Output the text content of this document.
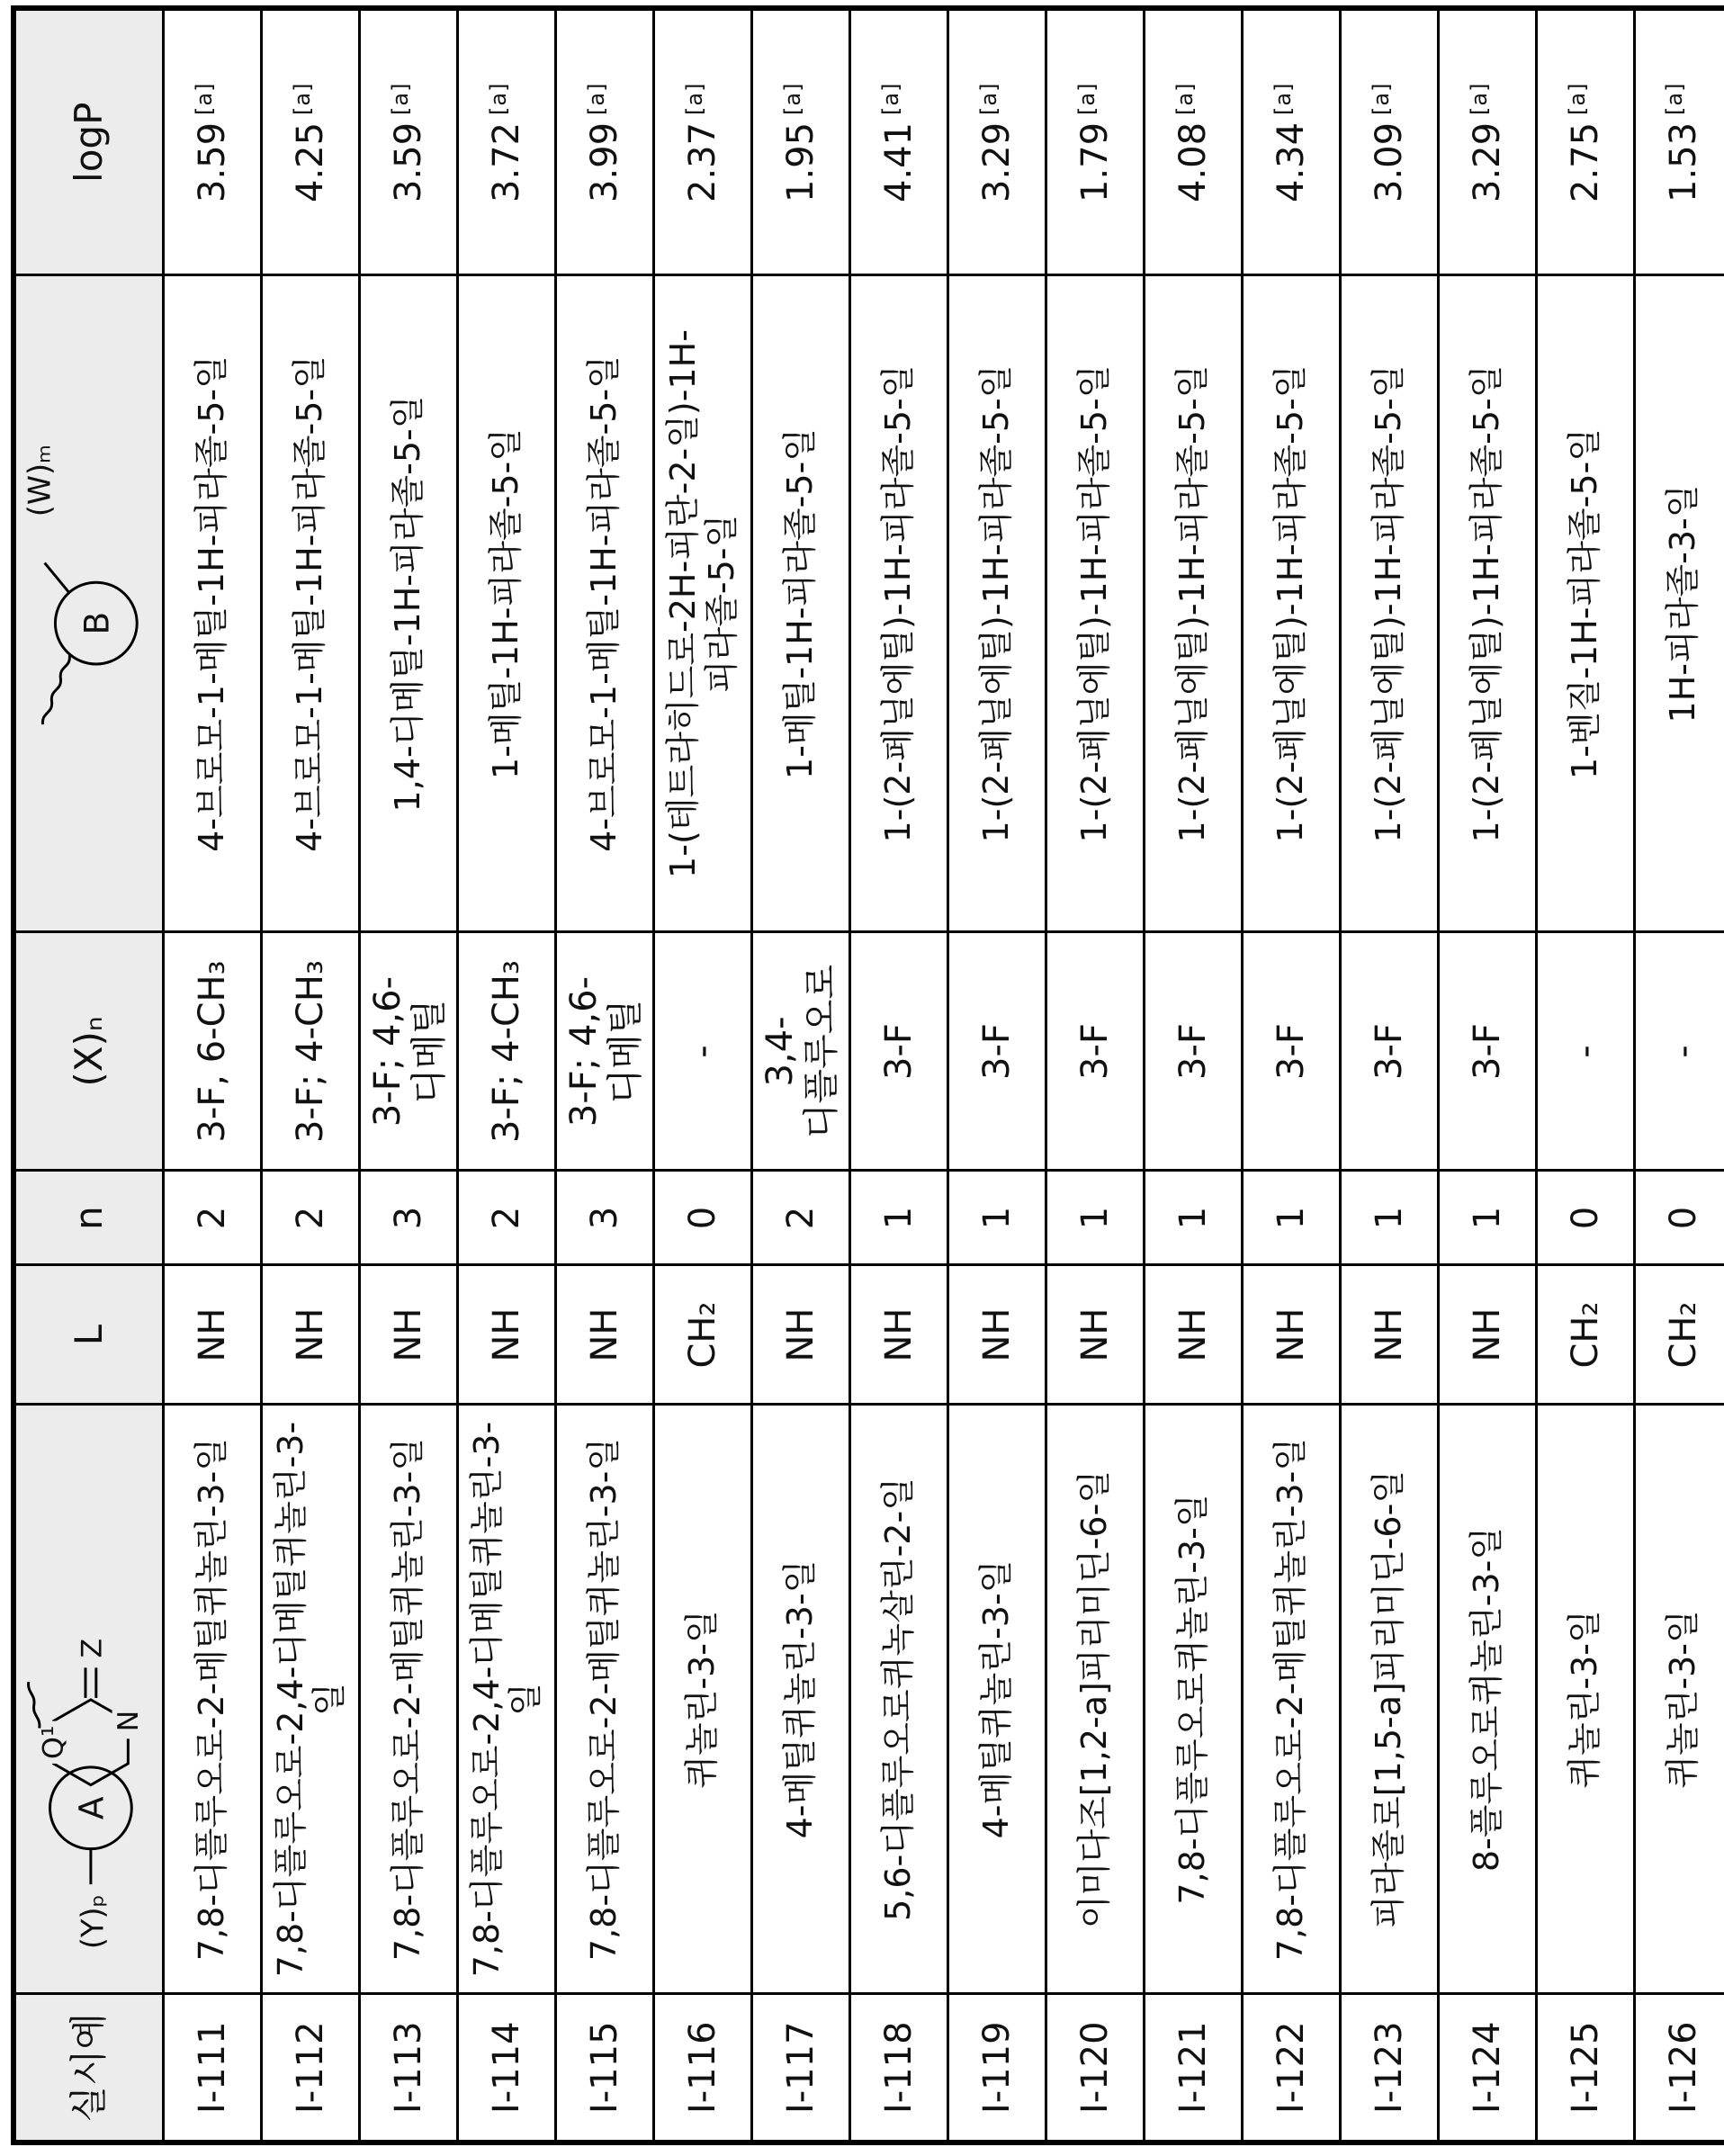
실시예	(Y)ₚ
A
Q¹
N
Z	L	n	(X)ₙ	B
(W)ₘ	logP
I-111	7,8-디플루오로-2-메틸퀴놀린-3-일	NH	2	3-F, 6-CH₃	4-브로모-1-메틸-1H-피라졸-5-일	3.59[a]
I-112	7,8-디플루오로-2,4-디메틸퀴놀린-3-일	NH	2	3-F; 4-CH₃	4-브로모-1-메틸-1H-피라졸-5-일	4.25[a]
I-113	7,8-디플루오로-2-메틸퀴놀린-3-일	NH	3	3-F; 4,6-디메틸	1,4-디메틸-1H-피라졸-5-일	3.59[a]
I-114	7,8-디플루오로-2,4-디메틸퀴놀린-3-일	NH	2	3-F; 4-CH₃	1-메틸-1H-피라졸-5-일	3.72[a]
I-115	7,8-디플루오로-2-메틸퀴놀린-3-일	NH	3	3-F; 4,6-디메틸	4-브로모-1-메틸-1H-피라졸-5-일	3.99[a]
I-116	퀴놀린-3-일	CH₂	0	-	1-(테트라히드로-2H-피란-2-일)-1H-피라졸-5-일	2.37[a]
I-117	4-메틸퀴놀린-3-일	NH	2	3,4-디플루오로	1-메틸-1H-피라졸-5-일	1.95[a]
I-118	5,6-디플루오로퀴녹살린-2-일	NH	1	3-F	1-(2-페닐에틸)-1H-피라졸-5-일	4.41[a]
I-119	4-메틸퀴놀린-3-일	NH	1	3-F	1-(2-페닐에틸)-1H-피라졸-5-일	3.29[a]
I-120	이미다조[1,2-a]피리미딘-6-일	NH	1	3-F	1-(2-페닐에틸)-1H-피라졸-5-일	1.79[a]
I-121	7,8-디플루오로퀴놀린-3-일	NH	1	3-F	1-(2-페닐에틸)-1H-피라졸-5-일	4.08[a]
I-122	7,8-디플루오로-2-메틸퀴놀린-3-일	NH	1	3-F	1-(2-페닐에틸)-1H-피라졸-5-일	4.34[a]
I-123	피라졸로[1,5-a]피리미딘-6-일	NH	1	3-F	1-(2-페닐에틸)-1H-피라졸-5-일	3.09[a]
I-124	8-플루오로퀴놀린-3-일	NH	1	3-F	1-(2-페닐에틸)-1H-피라졸-5-일	3.29[a]
I-125	퀴놀린-3-일	CH₂	0	-	1-벤질-1H-피라졸-5-일	2.75[a]
I-126	퀴놀린-3-일	CH₂	0	-	1H-피라졸-3-일	1.53[a]
